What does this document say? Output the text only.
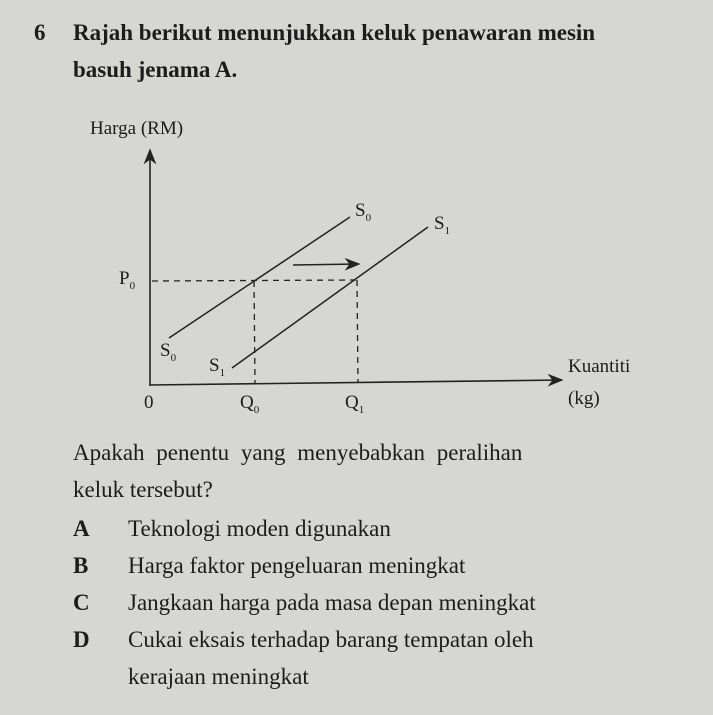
6 Rajah berikut menunjukkan keluk penawaran mesin
basuh jenama A.
Harga (RM)
$P_0$
$S_0$	$S_1$
$S_0$ $S_1$
0	$Q_0$	$Q_1$
Kuantiti
(kg)
Apakah penentu yang menyebabkan peralihan
keluk tersebut?
A Teknologi moden digunakan
B Harga faktor pengeluaran meningkat
C Jangkaan harga pada masa depan meningkat
D Cukai eksais terhadap barang tempatan oleh
kerajaan meningkat
